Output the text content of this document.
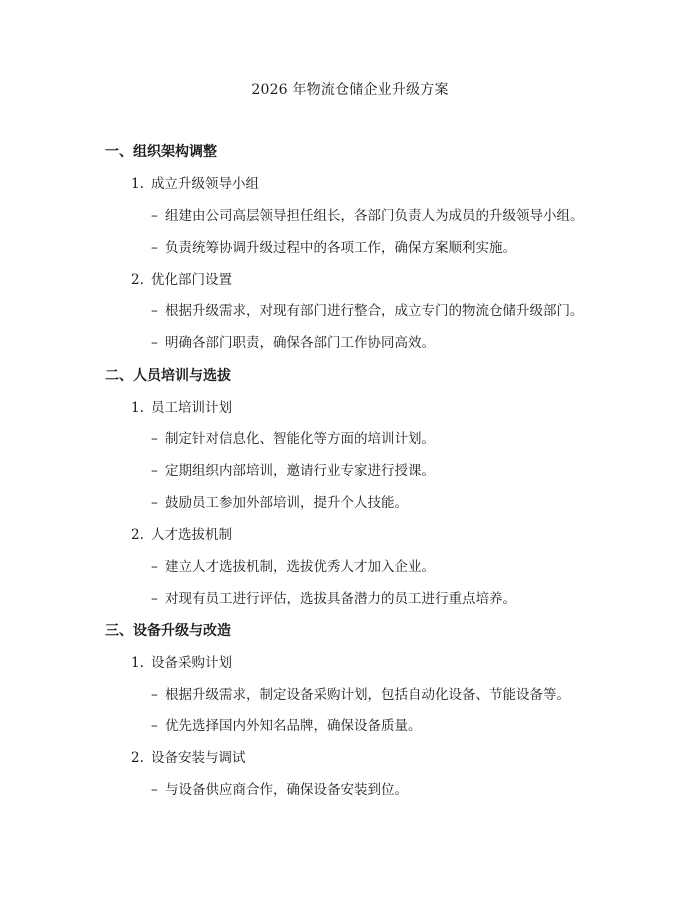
2026 年物流仓储企业升级方案
一、组织架构调整
1. 成立升级领导小组
– 组建由公司高层领导担任组长，各部门负责人为成员的升级领导小组。
– 负责统筹协调升级过程中的各项工作，确保方案顺利实施。
2. 优化部门设置
– 根据升级需求，对现有部门进行整合，成立专门的物流仓储升级部门。
– 明确各部门职责，确保各部门工作协同高效。
二、人员培训与选拔
1. 员工培训计划
– 制定针对信息化、智能化等方面的培训计划。
– 定期组织内部培训，邀请行业专家进行授课。
– 鼓励员工参加外部培训，提升个人技能。
2. 人才选拔机制
– 建立人才选拔机制，选拔优秀人才加入企业。
– 对现有员工进行评估，选拔具备潜力的员工进行重点培养。
三、设备升级与改造
1. 设备采购计划
– 根据升级需求，制定设备采购计划，包括自动化设备、节能设备等。
– 优先选择国内外知名品牌，确保设备质量。
2. 设备安装与调试
– 与设备供应商合作，确保设备安装到位。
